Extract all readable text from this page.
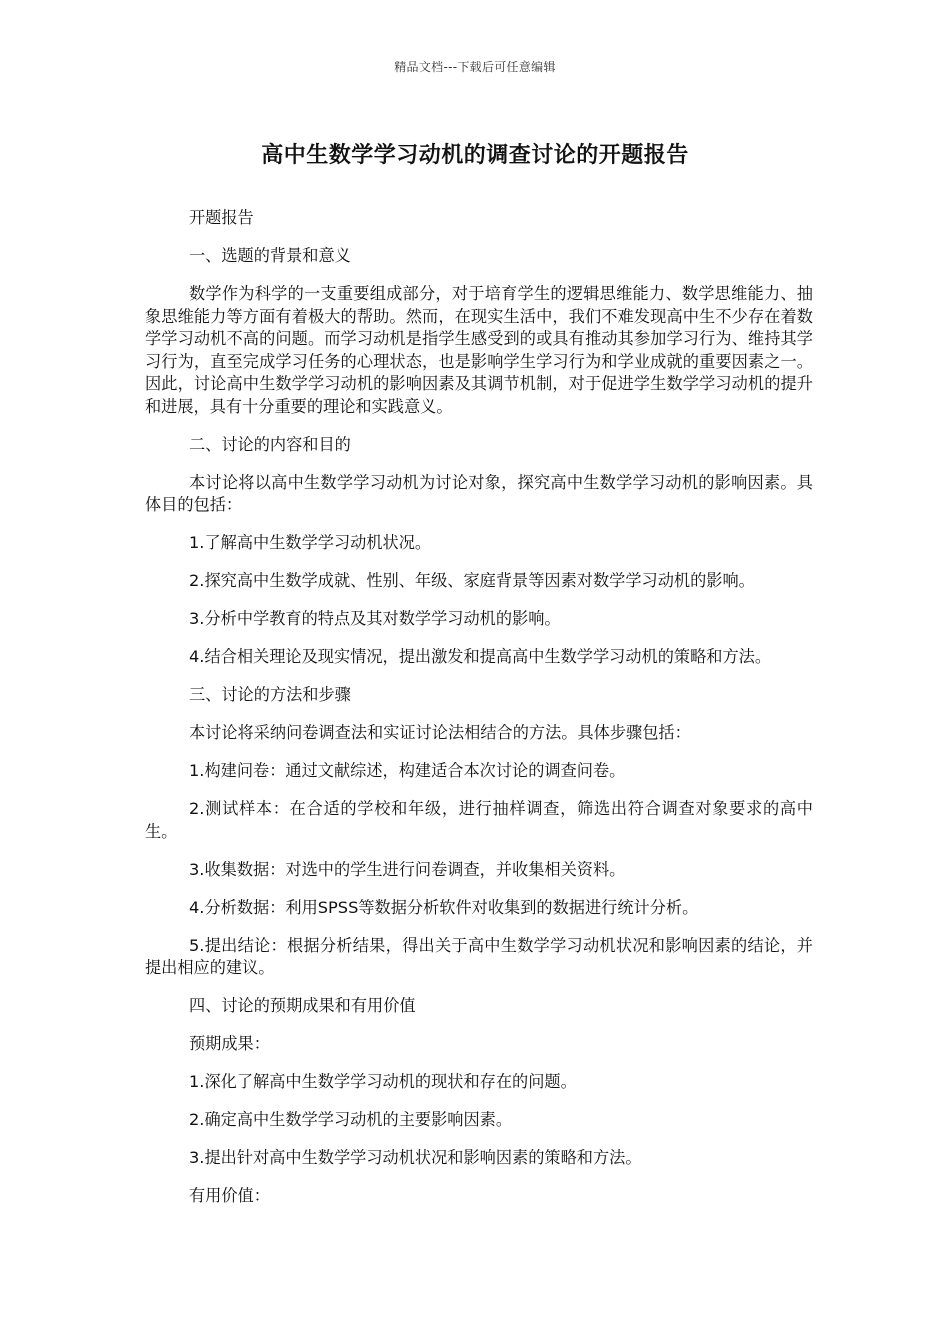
精品文档---下载后可任意编辑
高中生数学学习动机的调查讨论的开题报告

开题报告

一、选题的背景和意义

数学作为科学的一支重要组成部分，对于培育学生的逻辑思维能力、数学思维能力、抽象思维能力等方面有着极大的帮助。然而，在现实生活中，我们不难发现高中生不少存在着数学学习动机不高的问题。而学习动机是指学生感受到的或具有推动其参加学习行为、维持其学习行为，直至完成学习任务的心理状态，也是影响学生学习行为和学业成就的重要因素之一。因此，讨论高中生数学学习动机的影响因素及其调节机制，对于促进学生数学学习动机的提升和进展，具有十分重要的理论和实践意义。

二、讨论的内容和目的

本讨论将以高中生数学学习动机为讨论对象，探究高中生数学学习动机的影响因素。具体目的包括：

1.了解高中生数学学习动机状况。

2.探究高中生数学成就、性别、年级、家庭背景等因素对数学学习动机的影响。

3.分析中学教育的特点及其对数学学习动机的影响。

4.结合相关理论及现实情况，提出激发和提高高中生数学学习动机的策略和方法。

三、讨论的方法和步骤

本讨论将采纳问卷调查法和实证讨论法相结合的方法。具体步骤包括：

1.构建问卷：通过文献综述，构建适合本次讨论的调查问卷。

2.测试样本：在合适的学校和年级，进行抽样调查，筛选出符合调查对象要求的高中生。

3.收集数据：对选中的学生进行问卷调查，并收集相关资料。

4.分析数据：利用SPSS等数据分析软件对收集到的数据进行统计分析。

5.提出结论：根据分析结果，得出关于高中生数学学习动机状况和影响因素的结论，并提出相应的建议。

四、讨论的预期成果和有用价值

预期成果：

1.深化了解高中生数学学习动机的现状和存在的问题。

2.确定高中生数学学习动机的主要影响因素。

3.提出针对高中生数学学习动机状况和影响因素的策略和方法。

有用价值：
